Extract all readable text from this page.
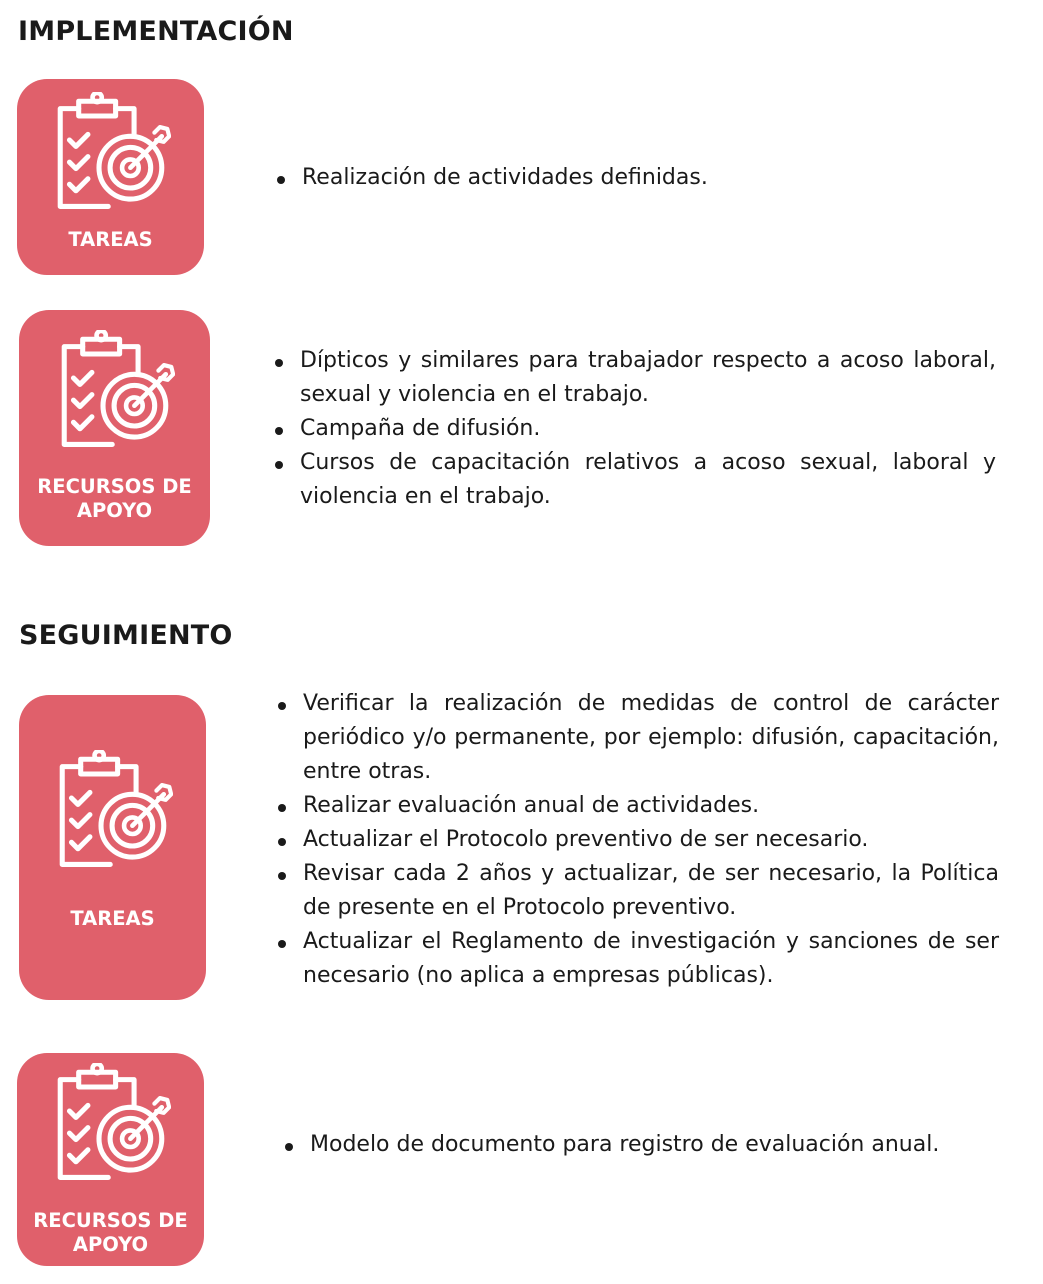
IMPLEMENTACIÓN
TAREAS
Realización de actividades definidas.
RECURSOS DE
APOYO
Dípticos y similares para trabajador respecto a acoso laboral, sexual y violencia en el trabajo.
Campaña de difusión.
Cursos de capacitación relativos a acoso sexual, laboral y violencia en el trabajo.
SEGUIMIENTO
TAREAS
Verificar la realización de medidas de control de carácter periódico y/o permanente, por ejemplo: difusión, capacitación, entre otras.
Realizar evaluación anual de actividades.
Actualizar el Protocolo preventivo de ser necesario.
Revisar cada 2 años y actualizar, de ser necesario, la Política de presente en el Protocolo preventivo.
Actualizar el Reglamento de investigación y sanciones de ser necesario (no aplica a empresas públicas).
RECURSOS DE
APOYO
Modelo de documento para registro de evaluación anual.
